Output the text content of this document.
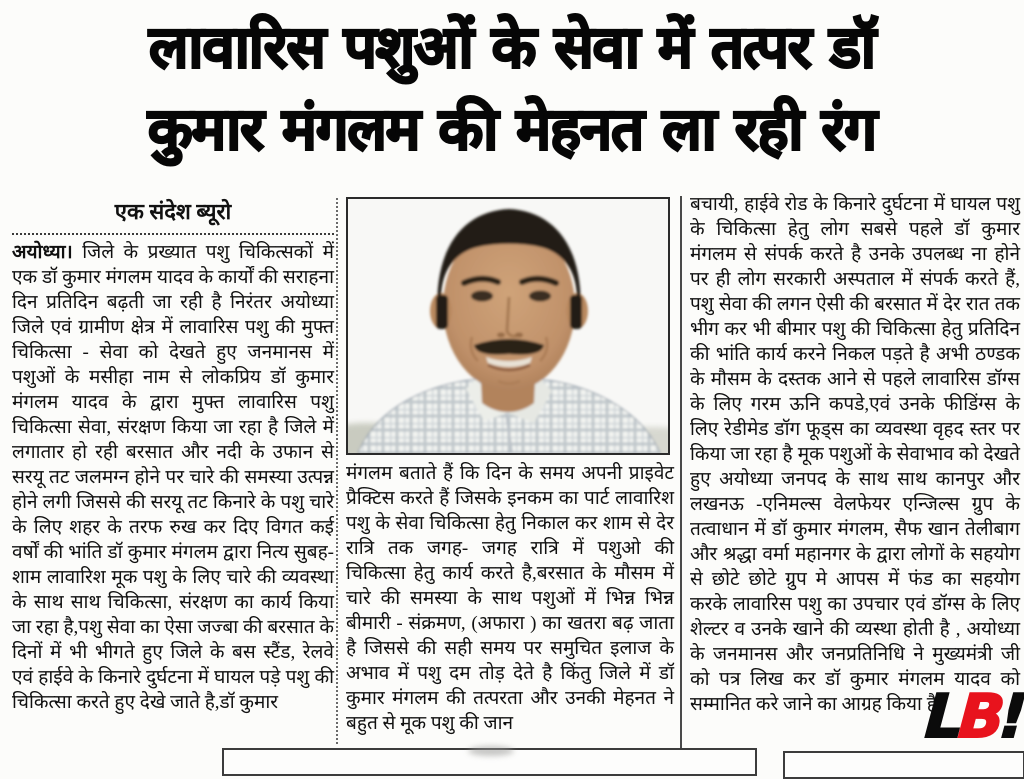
लावारिस पशुओं के सेवा में तत्पर डॉ
कुमार मंगलम की मेहनत ला रही रंग
एक संदेश ब्यूरो

अयोध्या। जिले के प्रख्यात पशु चिकित्सकों में एक डॉ कुमार मंगलम यादव के कार्यों की सराहना दिन प्रतिदिन बढ़ती जा रही है निरंतर अयोध्या जिले एवं ग्रामीण क्षेत्र में लावारिस पशु की मुफ्त चिकित्सा - सेवा को देखते हुए जनमानस में पशुओं के मसीहा नाम से लोकप्रिय डॉ कुमार मंगलम यादव के द्वारा मुफ्त लावारिस पशु चिकित्सा सेवा, संरक्षण किया जा रहा है जिले में लगातार हो रही बरसात और नदी के उफान से सरयू तट जलमग्न होने पर चारे की समस्या उत्पन्न होने लगी जिससे की सरयू तट किनारे के पशु चारे के लिए शहर के तरफ रुख कर दिए विगत कई वर्षों की भांति डॉ कुमार मंगलम द्वारा नित्य सुबह- शाम लावारिश मूक पशु के लिए चारे की व्यवस्था के साथ साथ चिकित्सा, संरक्षण का कार्य किया जा रहा है,पशु सेवा का ऐसा जज्बा की बरसात के दिनों में भी भीगते हुए जिले के बस स्टैंड, रेलवे एवं हाईवे के किनारे दुर्घटना में घायल पड़े पशु की चिकित्सा करते हुए देखे जाते है,डॉ कुमार

मंगलम बताते हैं कि दिन के समय अपनी प्राइवेट प्रैक्टिस करते हैं जिसके इनकम का पार्ट लावारिश पशु के सेवा चिकित्सा हेतु निकाल कर शाम से देर रात्रि तक जगह- जगह रात्रि में पशुओ की चिकित्सा हेतु कार्य करते है,बरसात के मौसम में चारे की समस्या के साथ पशुओं में भिन्न भिन्न बीमारी - संक्रमण, (अफारा ) का खतरा बढ़ जाता है जिससे की सही समय पर समुचित इलाज के अभाव में पशु दम तोड़ देते है किंतु जिले में डॉ कुमार मंगलम की तत्परता और उनकी मेहनत ने बहुत से मूक पशु की जान

बचायी, हाईवे रोड के किनारे दुर्घटना में घायल पशु के चिकित्सा हेतु लोग सबसे पहले डॉ कुमार मंगलम से संपर्क करते है उनके उपलब्ध ना होने पर ही लोग सरकारी अस्पताल में संपर्क करते हैं, पशु सेवा की लगन ऐसी की बरसात में देर रात तक भीग कर भी बीमार पशु की चिकित्सा हेतु प्रतिदिन की भांति कार्य करने निकल पड़ते है अभी ठण्डक के मौसम के दस्तक आने से पहले लावारिस डॉग्स के लिए गरम ऊनि कपडे,एवं उनके फीडिंग्स के लिए रेडीमेड डॉग फूड्स का व्यवस्था वृहद स्तर पर किया जा रहा है मूक पशुओं के सेवाभाव को देखते हुए अयोध्या जनपद के साथ साथ कानपुर और लखनऊ -एनिमल्स वेलफेयर एन्जिल्स ग्रुप के तत्वाधान में डॉ कुमार मंगलम, सैफ खान तेलीबाग और श्रद्धा वर्मा महानगर के द्वारा लोगों के सहयोग से छोटे छोटे ग्रुप मे आपस में फंड का सहयोग करके लावारिस पशु का उपचार एवं डॉग्स के लिए शेल्टर व उनके खाने की व्यस्था होती है , अयोध्या के जनमानस और जनप्रतिनिधि ने मुख्यमंत्री जी को पत्र लिख कर डॉ कुमार मंगलम यादव को सम्मानित करे जाने का आग्रह किया है।

LB!
